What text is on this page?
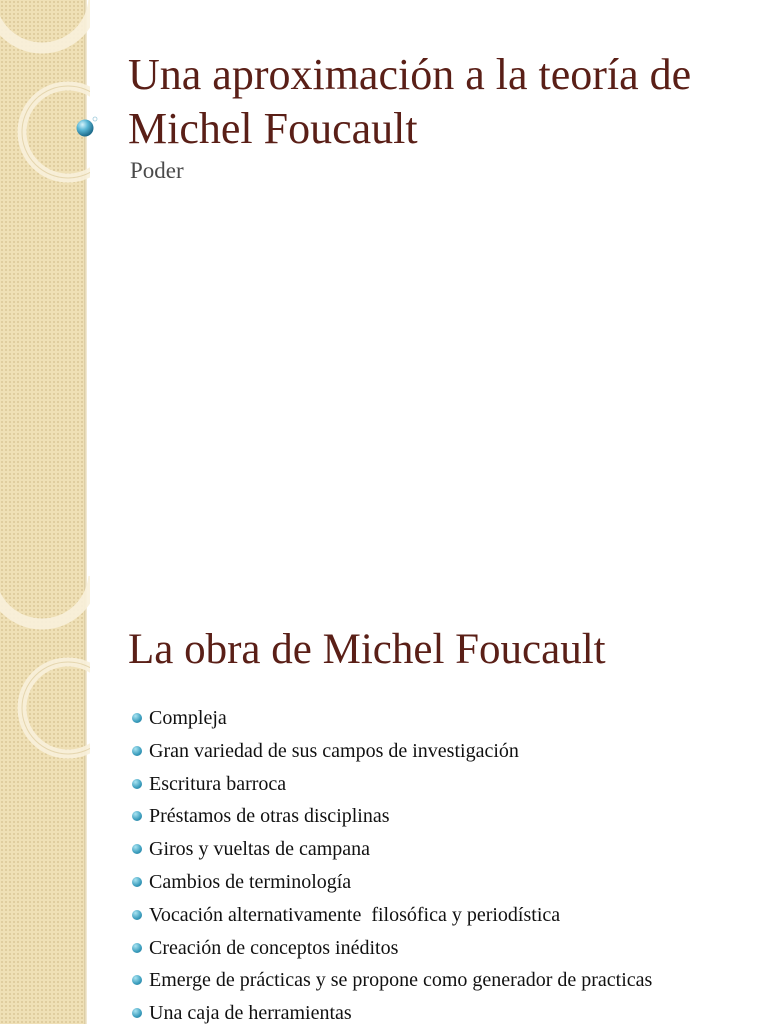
Una aproximación a la teoría de Michel Foucault

Poder

La obra de Michel Foucault
Compleja
Gran variedad de sus campos de investigación
Escritura barroca
Préstamos de otras disciplinas
Giros y vueltas de campana
Cambios de terminología
Vocación alternativamente  filosófica y periodística
Creación de conceptos inéditos
Emerge de prácticas y se propone como generador de practicas
Una caja de herramientas
